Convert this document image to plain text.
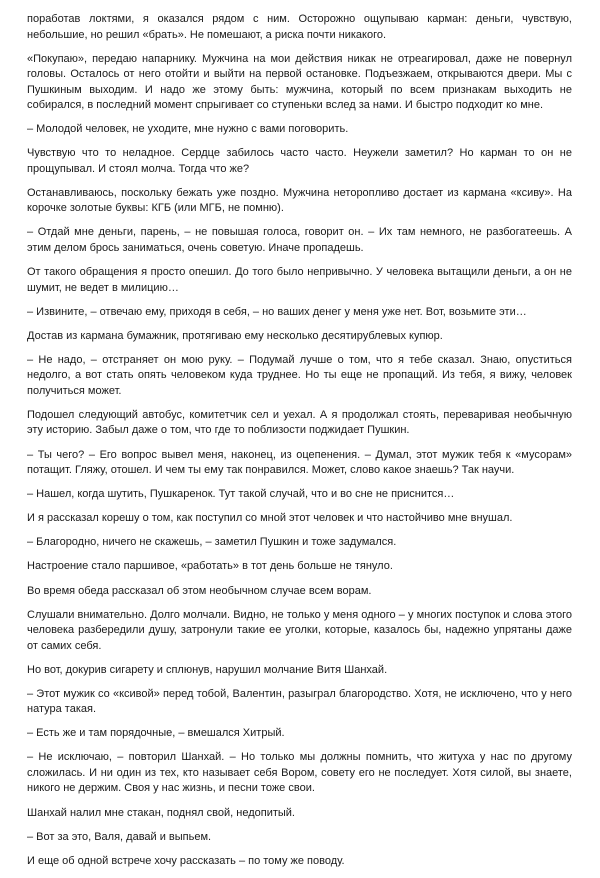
поработав локтями, я оказался рядом с ним. Осторожно ощупываю карман: деньги, чувствую, небольшие, но решил «брать». Не помешают, а риска почти никакого.

«Покупаю», передаю напарнику. Мужчина на мои действия никак не отреагировал, даже не повернул головы. Осталось от него отойти и выйти на первой остановке. Подъезжаем, открываются двери. Мы с Пушкиным выходим. И надо же этому быть: мужчина, который по всем признакам выходить не собирался, в последний момент спрыгивает со ступеньки вслед за нами. И быстро подходит ко мне.

– Молодой человек, не уходите, мне нужно с вами поговорить.

Чувствую что то неладное. Сердце забилось часто часто. Неужели заметил? Но карман то он не прощупывал. И стоял молча. Тогда что же?

Останавливаюсь, поскольку бежать уже поздно. Мужчина неторопливо достает из кармана «ксиву». На корочке золотые буквы: КГБ (или МГБ, не помню).

– Отдай мне деньги, парень, – не повышая голоса, говорит он. – Их там немного, не разбогатеешь. А этим делом брось заниматься, очень советую. Иначе пропадешь.

От такого обращения я просто опешил. До того было непривычно. У человека вытащили деньги, а он не шумит, не ведет в милицию…

– Извините, – отвечаю ему, приходя в себя, – но ваших денег у меня уже нет. Вот, возьмите эти…

Достав из кармана бумажник, протягиваю ему несколько десятирублевых купюр.

– Не надо, – отстраняет он мою руку. – Подумай лучше о том, что я тебе сказал. Знаю, опуститься недолго, а вот стать опять человеком куда труднее. Но ты еще не пропащий. Из тебя, я вижу, человек получиться может.

Подошел следующий автобус, комитетчик сел и уехал. А я продолжал стоять, переваривая необычную эту историю. Забыл даже о том, что где то поблизости поджидает Пушкин.

– Ты чего? – Его вопрос вывел меня, наконец, из оцепенения. – Думал, этот мужик тебя к «мусорам» потащит. Гляжу, отошел. И чем ты ему так понравился. Может, слово какое знаешь? Так научи.

– Нашел, когда шутить, Пушкаренок. Тут такой случай, что и во сне не приснится…

И я рассказал корешу о том, как поступил со мной этот человек и что настойчиво мне внушал.

– Благородно, ничего не скажешь, – заметил Пушкин и тоже задумался.

Настроение стало паршивое, «работать» в тот день больше не тянуло.

Во время обеда рассказал об этом необычном случае всем ворам.

Слушали внимательно. Долго молчали. Видно, не только у меня одного – у многих поступок и слова этого человека разбередили душу, затронули такие ее уголки, которые, казалось бы, надежно упрятаны даже от самих себя.

Но вот, докурив сигарету и сплюнув, нарушил молчание Витя Шанхай.

– Этот мужик со «ксивой» перед тобой, Валентин, разыграл благородство. Хотя, не исключено, что у него натура такая.

– Есть же и там порядочные, – вмешался Хитрый.

– Не исключаю, – повторил Шанхай. – Но только мы должны помнить, что житуха у нас по другому сложилась. И ни один из тех, кто называет себя Вором, совету его не последует. Хотя силой, вы знаете, никого не держим. Своя у нас жизнь, и песни тоже свои.

Шанхай налил мне стакан, поднял свой, недопитый.

– Вот за это, Валя, давай и выпьем.

И еще об одной встрече хочу рассказать – по тому же поводу.
